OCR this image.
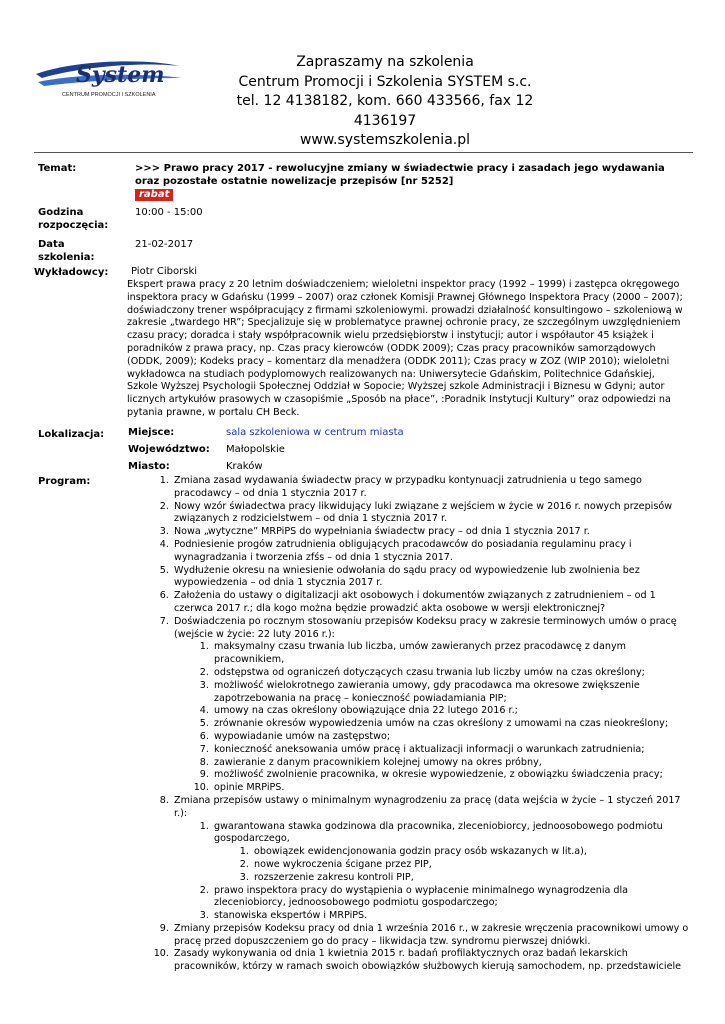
System
CENTRUM PROMOCJI I SZKOLENIA
Zapraszamy na szkolenia
Centrum Promocji i Szkolenia SYSTEM s.c.
tel. 12 4138182, kom. 660 433566, fax 12 4136197
www.systemszkolenia.pl
Temat:	>>> Prawo pracy 2017 - rewolucyjne zmiany w świadectwie pracy i zasadach jego wydawania oraz pozostałe ostatnie nowelizacje przepisów [nr 5252]
rabat
Godzina
rozpoczęcia:
10:00 - 15:00
Data
szkolenia:
21-02-2017
Wykładowcy: Piotr Ciborski
Ekspert prawa pracy z 20 letnim doświadczeniem; wieloletni inspektor pracy (1992 – 1999) i zastępca okręgowego inspektora pracy w Gdańsku (1999 – 2007) oraz członek Komisji Prawnej Głównego Inspektora Pracy (2000 – 2007); doświadczony trener współpracujący z firmami szkoleniowymi. prowadzi działalność konsultingowo – szkoleniową w zakresie „twardego HR”; Specjalizuje się w problematyce prawnej ochronie pracy, ze szczególnym uwzględnieniem czasu pracy; doradca i stały współpracownik wielu przedsiębiorstw i instytucji; autor i współautor 45 książek i poradników z prawa pracy, np. Czas pracy kierowców (ODDK 2009); Czas pracy pracowników samorządowych (ODDK, 2009); Kodeks pracy – komentarz dla menadżera (ODDK 2011); Czas pracy w ZOZ (WIP 2010); wieloletni wykładowca na studiach podyplomowych realizowanych na: Uniwersytecie Gdańskim, Politechnice Gdańskiej, Szkole Wyższej Psychologii Społecznej Oddział w Sopocie; Wyższej szkole Administracji i Biznesu w Gdyni; autor licznych artykułów prasowych w czasopiśmie „Sposób na płace”, :Poradnik Instytucji Kultury” oraz odpowiedzi na pytania prawne, w portalu CH Beck.
Lokalizacja: Miejsce:	sala szkoleniowa w centrum miasta
Województwo:	Małopolskie
Miasto:	Kraków
Program:	1. Zmiana zasad wydawania świadectw pracy w przypadku kontynuacji zatrudnienia u tego samego pracodawcy – od dnia 1 stycznia 2017 r.
2. Nowy wzór świadectwa pracy likwidujący luki związane z wejściem w życie w 2016 r. nowych przepisów związanych z rodzicielstwem – od dnia 1 stycznia 2017 r.
3. Nowa „wytyczne” MRPiPS do wypełniania świadectw pracy – od dnia 1 stycznia 2017 r.
4. Podniesienie progów zatrudnienia obligujących pracodawców do posiadania regulaminu pracy i wynagradzania i tworzenia zfśs – od dnia 1 stycznia 2017.
5. Wydłużenie okresu na wniesienie odwołania do sądu pracy od wypowiedzenie lub zwolnienia bez wypowiedzenia – od dnia 1 stycznia 2017 r.
6. Założenia do ustawy o digitalizacji akt osobowych i dokumentów związanych z zatrudnieniem – od 1 czerwca 2017 r.; dla kogo można będzie prowadzić akta osobowe w wersji elektronicznej?
7. Doświadczenia po rocznym stosowaniu przepisów Kodeksu pracy w zakresie terminowych umów o pracę (wejście w życie: 22 luty 2016 r.):
1. maksymalny czasu trwania lub liczba, umów zawieranych przez pracodawcę z danym pracownikiem,
2. odstępstwa od ograniczeń dotyczących czasu trwania lub liczby umów na czas określony;
3. możliwość wielokrotnego zawierania umowy, gdy pracodawca ma okresowe zwiększenie zapotrzebowania na pracę – konieczność powiadamiania PIP;
4. umowy na czas określony obowiązujące dnia 22 lutego 2016 r.;
5. zrównanie okresów wypowiedzenia umów na czas określony z umowami na czas nieokreślony;
6. wypowiadanie umów na zastępstwo;
7. konieczność aneksowania umów pracę i aktualizacji informacji o warunkach zatrudnienia;
8. zawieranie z danym pracownikiem kolejnej umowy na okres próbny,
9. możliwość zwolnienie pracownika, w okresie wypowiedzenie, z obowiązku świadczenia pracy;
10. opinie MRPiPS.
8. Zmiana przepisów ustawy o minimalnym wynagrodzeniu za pracę (data wejścia w życie – 1 styczeń 2017 r.):
1. gwarantowana stawka godzinowa dla pracownika, zleceniobiorcy, jednoosobowego podmiotu gospodarczego,
1. obowiązek ewidencjonowania godzin pracy osób wskazanych w lit.a),
2. nowe wykroczenia ścigane przez PIP,
3. rozszerzenie zakresu kontroli PIP,
2. prawo inspektora pracy do wystąpienia o wypłacenie minimalnego wynagrodzenia dla zleceniobiorcy, jednoosobowego podmiotu gospodarczego;
3. stanowiska ekspertów i MRPiPS.
9. Zmiany przepisów Kodeksu pracy od dnia 1 września 2016 r., w zakresie wręczenia pracownikowi umowy o pracę przed dopuszczeniem go do pracy – likwidacja tzw. syndromu pierwszej dniówki.
10. Zasady wykonywania od dnia 1 kwietnia 2015 r. badań profilaktycznych oraz badań lekarskich pracowników, którzy w ramach swoich obowiązków służbowych kierują samochodem, np. przedstawiciele
